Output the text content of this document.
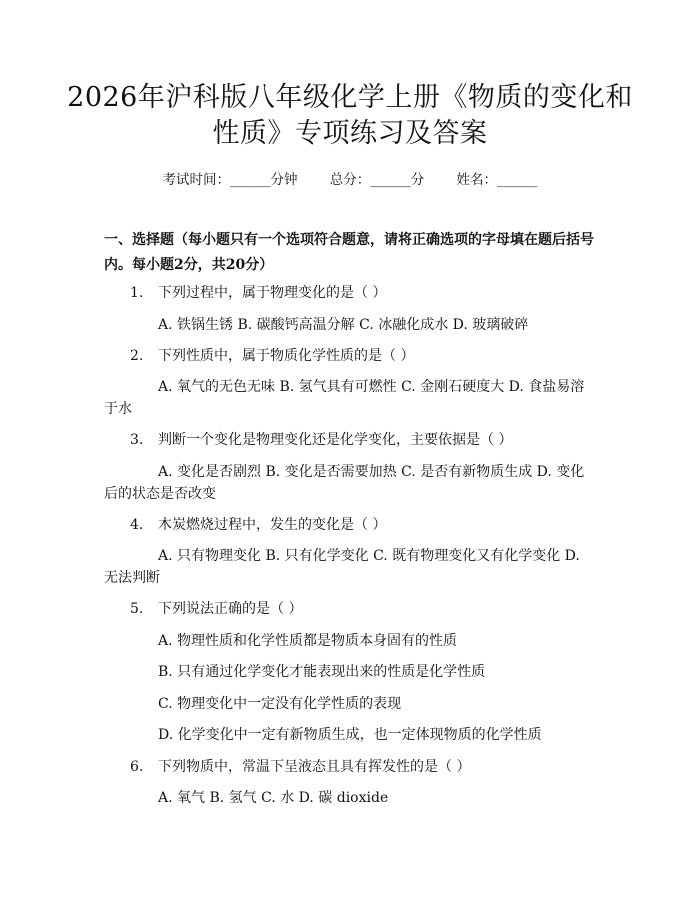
2026年沪科版八年级化学上册《物质的变化和性质》专项练习及答案
考试时间：______分钟 总分：______分 姓名：______
一、选择题（每小题只有一个选项符合题意，请将正确选项的字母填在题后括号内。每小题2分，共20分）
1. 下列过程中，属于物理变化的是（ ）
A. 铁锅生锈 B. 碳酸钙高温分解 C. 冰融化成水 D. 玻璃破碎
2. 下列性质中，属于物质化学性质的是（ ）
A. 氧气的无色无味 B. 氢气具有可燃性 C. 金刚石硬度大 D. 食盐易溶
于水
3. 判断一个变化是物理变化还是化学变化，主要依据是（ ）
A. 变化是否剧烈 B. 变化是否需要加热 C. 是否有新物质生成 D. 变化
后的状态是否改变
4. 木炭燃烧过程中，发生的变化是（ ）
A. 只有物理变化 B. 只有化学变化 C. 既有物理变化又有化学变化 D.
无法判断
5. 下列说法正确的是（ ）
A. 物理性质和化学性质都是物质本身固有的性质
B. 只有通过化学变化才能表现出来的性质是化学性质
C. 物理变化中一定没有化学性质的表现
D. 化学变化中一定有新物质生成，也一定体现物质的化学性质
6. 下列物质中，常温下呈液态且具有挥发性的是（ ）
A. 氧气 B. 氢气 C. 水 D. 碳 dioxide
